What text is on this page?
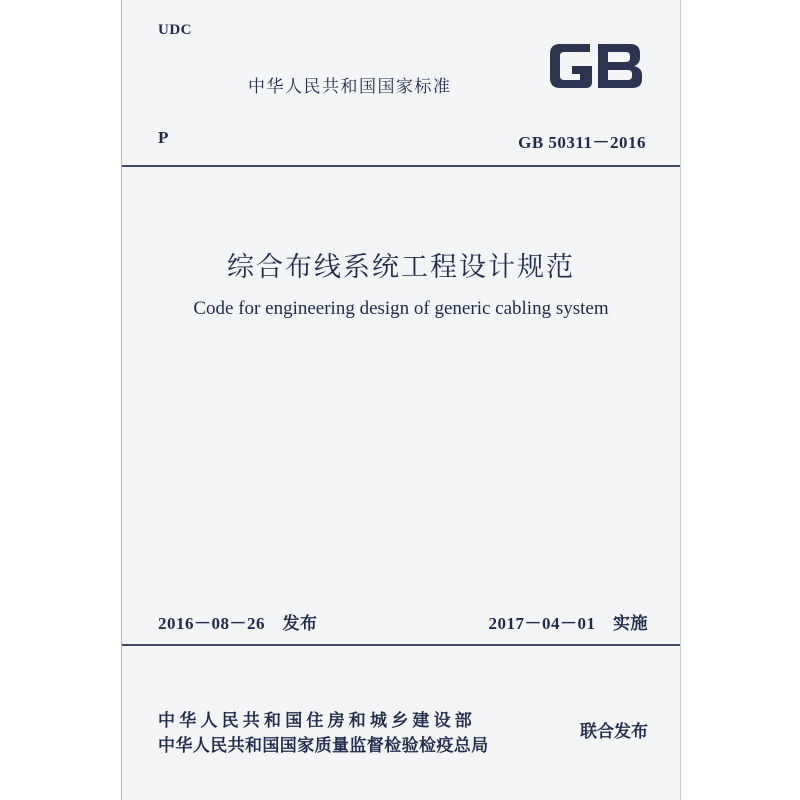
UDC
中华人民共和国国家标准
P	GB 50311－2016
综合布线系统工程设计规范
Code for engineering design of generic cabling system
2016－08－26　发布	2017－04－01　实施
中华人民共和国住房和城乡建设部
中华人民共和国国家质量监督检验检疫总局
联合发布
